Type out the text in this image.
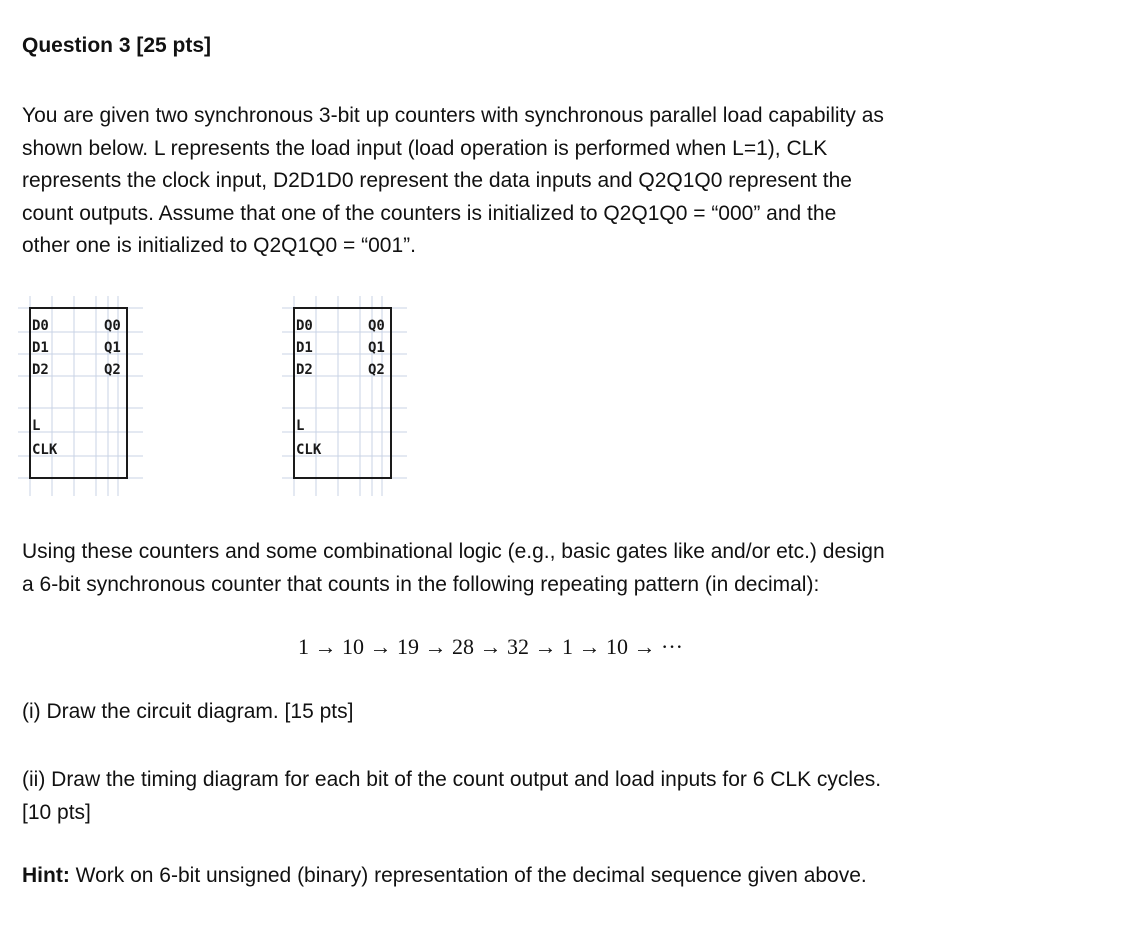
Question 3 [25 pts]
You are given two synchronous 3-bit up counters with synchronous parallel load capability as
shown below. L represents the load input (load operation is performed when L=1), CLK
represents the clock input, D2D1D0 represent the data inputs and Q2Q1Q0 represent the
count outputs. Assume that one of the counters is initialized to Q2Q1Q0 = “000” and the
other one is initialized to Q2Q1Q0 = “001”.
D0
D1
D2
Q0
Q1
Q2
L
CLK
D0
D1
D2
Q0
Q1
Q2
L
CLK
Using these counters and some combinational logic (e.g., basic gates like and/or etc.) design
a 6-bit synchronous counter that counts in the following repeating pattern (in decimal):
1 → 10 → 19 → 28 → 32 → 1 → 10 → ···
(i) Draw the circuit diagram. [15 pts]
(ii) Draw the timing diagram for each bit of the count output and load inputs for 6 CLK cycles.
[10 pts]
Hint: Work on 6-bit unsigned (binary) representation of the decimal sequence given above.
